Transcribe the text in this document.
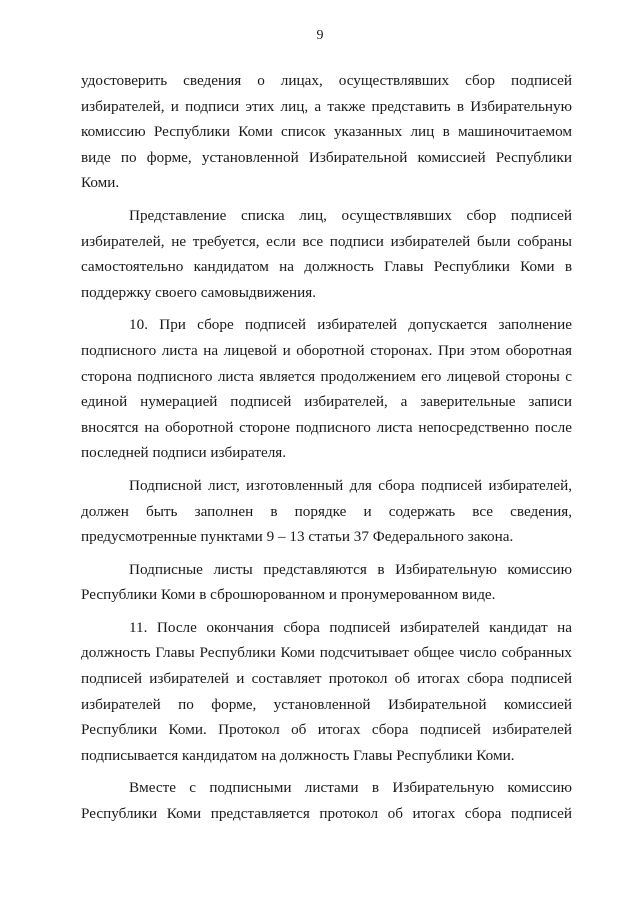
9

удостоверить сведения о лицах, осуществлявших сбор подписей избирателей, и подписи этих лиц, а также представить в Избирательную комиссию Республики Коми список указанных лиц в машиночитаемом виде по форме, установленной Избирательной комиссией Республики Коми.

Представление списка лиц, осуществлявших сбор подписей избирателей, не требуется, если все подписи избирателей были собраны самостоятельно кандидатом на должность Главы Республики Коми в поддержку своего самовыдвижения.

10. При сборе подписей избирателей допускается заполнение подписного листа на лицевой и оборотной сторонах. При этом оборотная сторона подписного листа является продолжением его лицевой стороны с единой нумерацией подписей избирателей, а заверительные записи вносятся на оборотной стороне подписного листа непосредственно после последней подписи избирателя.

Подписной лист, изготовленный для сбора подписей избирателей, должен быть заполнен в порядке и содержать все сведения, предусмотренные пунктами 9 – 13 статьи 37 Федерального закона.

Подписные листы представляются в Избирательную комиссию Республики Коми в сброшюрованном и пронумерованном виде.

11. После окончания сбора подписей избирателей кандидат на должность Главы Республики Коми подсчитывает общее число собранных подписей избирателей и составляет протокол об итогах сбора подписей избирателей по форме, установленной Избирательной комиссией Республики Коми. Протокол об итогах сбора подписей избирателей подписывается кандидатом на должность Главы Республики Коми.

Вместе с подписными листами в Избирательную комиссию Республики Коми представляется протокол об итогах сбора подписей
